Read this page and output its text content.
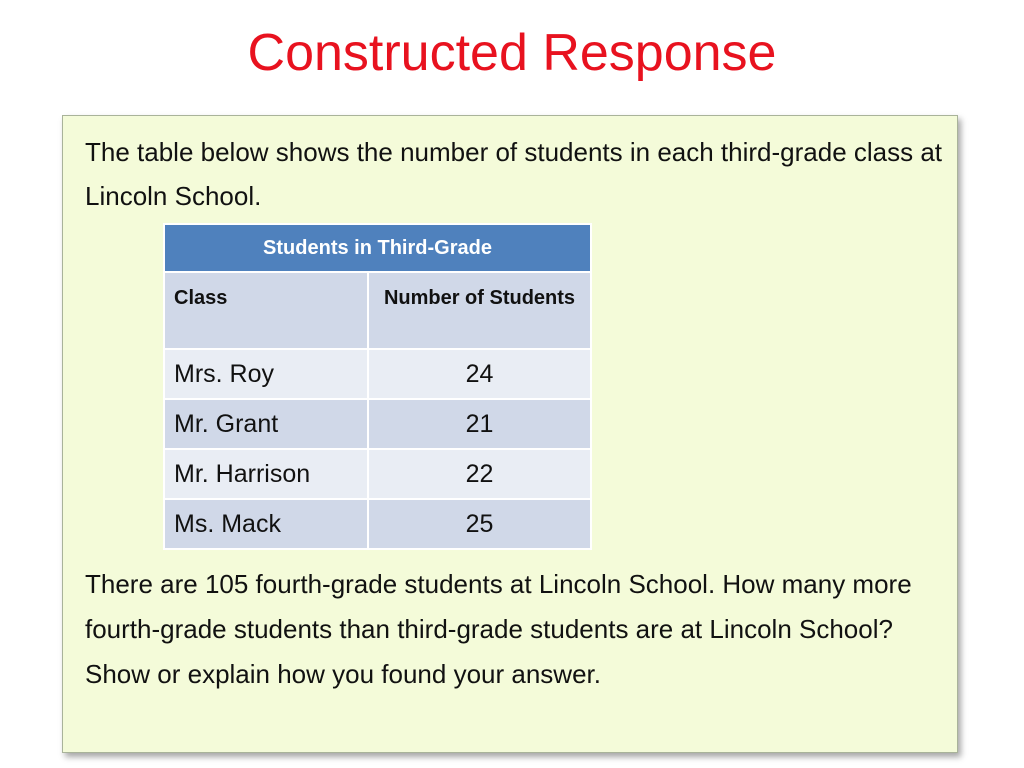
Constructed Response

The table below shows the number of students in each third-grade class at Lincoln School.

Students in Third-Grade	
Class	Number of Students
Mrs. Roy	24
Mr. Grant	21
Mr. Harrison	22
Ms. Mack	25

There are 105 fourth-grade students at Lincoln School. How many more fourth-grade students than third-grade students are at Lincoln School? Show or explain how you found your answer.
